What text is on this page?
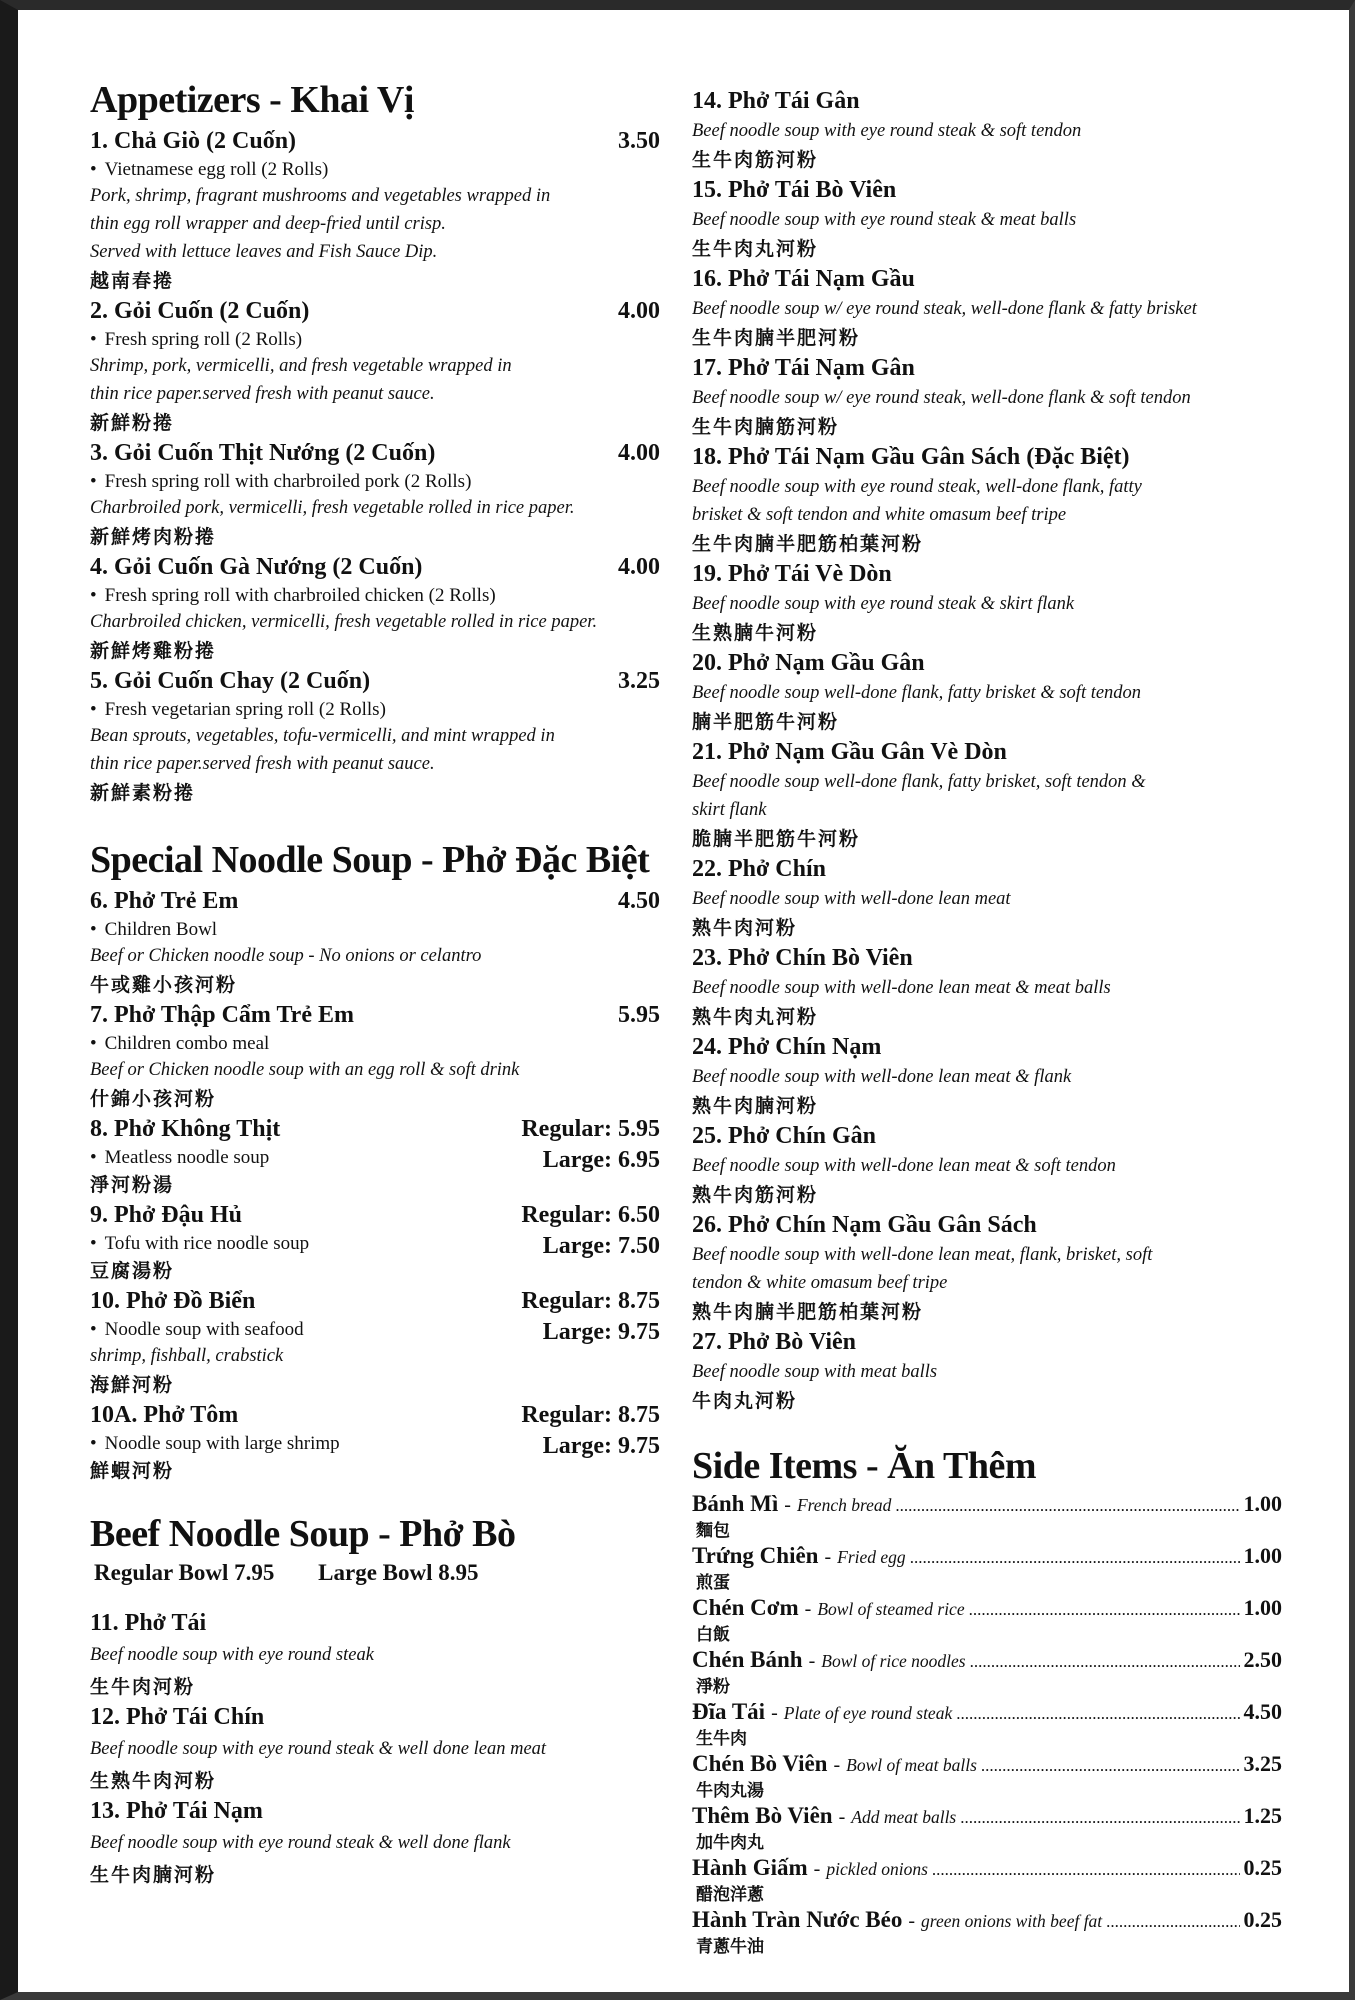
Appetizers - Khai Vị
1. Chả Giò (2 Cuốn)	3.50
• Vietnamese egg roll (2 Rolls)
Pork, shrimp, fragrant mushrooms and vegetables wrapped in
thin egg roll wrapper and deep-fried until crisp.
Served with lettuce leaves and Fish Sauce Dip.
越南春捲
2. Gỏi Cuốn (2 Cuốn)	4.00
• Fresh spring roll (2 Rolls)
Shrimp, pork, vermicelli, and fresh vegetable wrapped in
thin rice paper.served fresh with peanut sauce.
新鮮粉捲
3. Gỏi Cuốn Thịt Nướng (2 Cuốn)	4.00
• Fresh spring roll with charbroiled pork (2 Rolls)
Charbroiled pork, vermicelli, fresh vegetable rolled in rice paper.
新鮮烤肉粉捲
4. Gỏi Cuốn Gà Nướng (2 Cuốn)	4.00
• Fresh spring roll with charbroiled chicken (2 Rolls)
Charbroiled chicken, vermicelli, fresh vegetable rolled in rice paper.
新鮮烤雞粉捲
5. Gỏi Cuốn Chay (2 Cuốn)	3.25
• Fresh vegetarian spring roll (2 Rolls)
Bean sprouts, vegetables, tofu-vermicelli, and mint wrapped in
thin rice paper.served fresh with peanut sauce.
新鮮素粉捲
Special Noodle Soup - Phở Đặc Biệt
6. Phở Trẻ Em	4.50
• Children Bowl
Beef or Chicken noodle soup - No onions or celantro
牛或雞小孩河粉
7. Phở Thập Cẩm Trẻ Em	5.95
• Children combo meal
Beef or Chicken noodle soup with an egg roll & soft drink
什錦小孩河粉
8. Phở Không Thịt	Regular: 5.95
Large: 6.95
• Meatless noodle soup
淨河粉湯
9. Phở Đậu Hủ	Regular: 6.50
Large: 7.50
• Tofu with rice noodle soup
豆腐湯粉
10. Phở Đồ Biển	Regular: 8.75
Large: 9.75
• Noodle soup with seafood
shrimp, fishball, crabstick
海鮮河粉
10A. Phở Tôm	Regular: 8.75
Large: 9.75
• Noodle soup with large shrimp
鮮蝦河粉
Beef Noodle Soup - Phở Bò
Regular Bowl 7.95 Large Bowl 8.95
11. Phở Tái
Beef noodle soup with eye round steak
生牛肉河粉
12. Phở Tái Chín
Beef noodle soup with eye round steak & well done lean meat
生熟牛肉河粉
13. Phở Tái Nạm
Beef noodle soup with eye round steak & well done flank
生牛肉腩河粉
14. Phở Tái Gân
Beef noodle soup with eye round steak & soft tendon
生牛肉筋河粉
15. Phở Tái Bò Viên
Beef noodle soup with eye round steak & meat balls
生牛肉丸河粉
16. Phở Tái Nạm Gầu
Beef noodle soup w/ eye round steak, well-done flank & fatty brisket
生牛肉腩半肥河粉
17. Phở Tái Nạm Gân
Beef noodle soup w/ eye round steak, well-done flank & soft tendon
生牛肉腩筋河粉
18. Phở Tái Nạm Gầu Gân Sách (Đặc Biệt)
Beef noodle soup with eye round steak, well-done flank, fatty
brisket & soft tendon and white omasum beef tripe
生牛肉腩半肥筋柏葉河粉
19. Phở Tái Vè Dòn
Beef noodle soup with eye round steak & skirt flank
生熟腩牛河粉
20. Phở Nạm Gầu Gân
Beef noodle soup well-done flank, fatty brisket & soft tendon
腩半肥筋牛河粉
21. Phở Nạm Gầu Gân Vè Dòn
Beef noodle soup well-done flank, fatty brisket, soft tendon &
skirt flank
脆腩半肥筋牛河粉
22. Phở Chín
Beef noodle soup with well-done lean meat
熟牛肉河粉
23. Phở Chín Bò Viên
Beef noodle soup with well-done lean meat & meat balls
熟牛肉丸河粉
24. Phở Chín Nạm
Beef noodle soup with well-done lean meat & flank
熟牛肉腩河粉
25. Phở Chín Gân
Beef noodle soup with well-done lean meat & soft tendon
熟牛肉筋河粉
26. Phở Chín Nạm Gầu Gân Sách
Beef noodle soup with well-done lean meat, flank, brisket, soft
tendon & white omasum beef tripe
熟牛肉腩半肥筋柏葉河粉
27. Phở Bò Viên
Beef noodle soup with meat balls
牛肉丸河粉
Side Items - Ăn Thêm
Bánh Mì - French bread .....	1.00
麵包
Trứng Chiên - Fried egg .....	1.00
煎蛋
Chén Cơm - Bowl of steamed rice .....	1.00
白飯
Chén Bánh - Bowl of rice noodles .....	2.50
淨粉
Đĩa Tái - Plate of eye round steak .....	4.50
生牛肉
Chén Bò Viên - Bowl of meat balls .....	3.25
牛肉丸湯
Thêm Bò Viên - Add meat balls .....	1.25
加牛肉丸
Hành Giấm - pickled onions .....	0.25
醋泡洋蔥
Hành Tràn Nước Béo - green onions with beef fat .....	0.25
青蔥牛油
